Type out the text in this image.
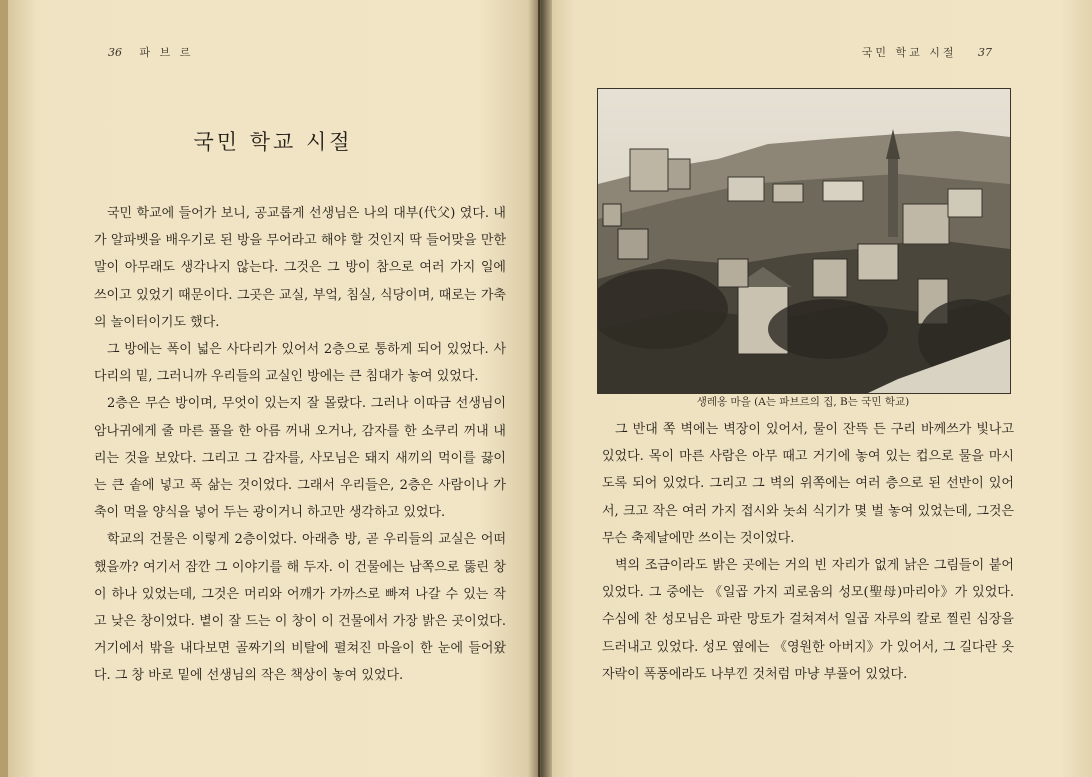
36 파 브 르
국민 학교 시절

국민 학교에 들어가 보니, 공교롭게 선생님은 나의 대부(代父) 였다. 내가 알파벳을 배우기로 된 방을 무어라고 해야 할 것인지 딱 들어맞을 만한 말이 아무래도 생각나지 않는다. 그것은 그 방이 참으로 여러 가지 일에 쓰이고 있었기 때문이다. 그곳은 교실, 부엌, 침실, 식당이며, 때로는 가축의 놀이터이기도 했다.

그 방에는 폭이 넓은 사다리가 있어서 2층으로 통하게 되어 있었다. 사다리의 밑, 그러니까 우리들의 교실인 방에는 큰 침대가 놓여 있었다.

2층은 무슨 방이며, 무엇이 있는지 잘 몰랐다. 그러나 이따금 선생님이 암나귀에게 줄 마른 풀을 한 아름 꺼내 오거나, 감자를 한 소쿠리 꺼내 내리는 것을 보았다. 그리고 그 감자를, 사모님은 돼지 새끼의 먹이를 끓이는 큰 솥에 넣고 푹 삶는 것이었다. 그래서 우리들은, 2층은 사람이나 가축이 먹을 양식을 넣어 두는 광이거니 하고만 생각하고 있었다.

학교의 건물은 이렇게 2층이었다. 아래층 방, 곧 우리들의 교실은 어떠했을까? 여기서 잠깐 그 이야기를 해 두자. 이 건물에는 남쪽으로 뚫린 창이 하나 있었는데, 그것은 머리와 어깨가 가까스로 빠져 나갈 수 있는 작고 낮은 창이었다. 볕이 잘 드는 이 창이 이 건물에서 가장 밝은 곳이었다. 거기에서 밖을 내다보면 골짜기의 비탈에 펼쳐진 마을이 한 눈에 들어왔다. 그 창 바로 밑에 선생님의 작은 책상이 놓여 있었다.

국민 학교 시절 37
생레옹 마을 (A는 파브르의 집, B는 국민 학교)

그 반대 쪽 벽에는 벽장이 있어서, 물이 잔뜩 든 구리 바께쓰가 빛나고 있었다. 목이 마른 사람은 아무 때고 거기에 놓여 있는 컵으로 물을 마시도록 되어 있었다. 그리고 그 벽의 위쪽에는 여러 층으로 된 선반이 있어서, 크고 작은 여러 가지 접시와 놋쇠 식기가 몇 벌 놓여 있었는데, 그것은 무슨 축제날에만 쓰이는 것이었다.

벽의 조금이라도 밝은 곳에는 거의 빈 자리가 없게 낡은 그림들이 붙어 있었다. 그 중에는 《일곱 가지 괴로움의 성모(聖母)마리아》가 있었다. 수심에 찬 성모님은 파란 망토가 걸쳐져서 일곱 자루의 칼로 찔린 심장을 드러내고 있었다. 성모 옆에는 《영원한 아버지》가 있어서, 그 길다란 옷자락이 폭풍에라도 나부낀 것처럼 마냥 부풀어 있었다.
